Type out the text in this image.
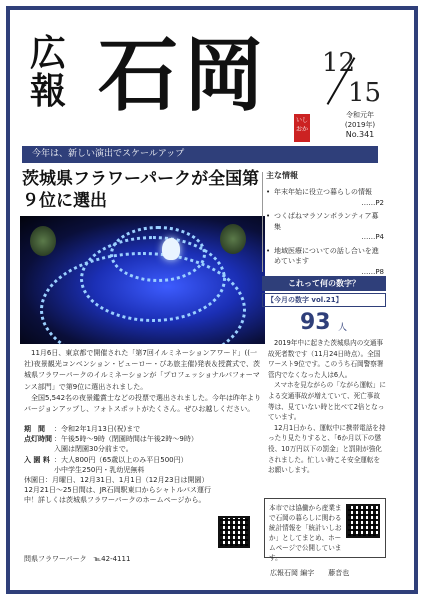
広報 石岡	いしおか
12
15
令和元年
(2019年)
No.341
今年は、新しい演出でスケールアップ
茨城県フラワーパークが全国第９位に選出

11月6日、東京都で開催された「第7回イルミネーションアワード」((一社)夜景観光コンベンション・ビューロー・びあ旅主催)発表＆授賞式で、茨城県フラワーパークのイルミネーションが「プロフェッショナルパフォーマンス部門」で第9位に選出されました。

全国5,542名の夜景鑑賞士などの投票で選出されました。今年は昨年よりバージョンアップし、フォトスポットがたくさん。ぜひお越しください。

期　間	：令和2年1月13日(祝)まで
点灯時間 ：午後5時〜9時（閉園時間は午後2時〜9時）
入園は閉園30分前まで。
入 園 料 ：大人800円（65歳以上のみ平日500円）
小中学生250円・乳幼児無料

休園日：月曜日、12月31日、1月1日（12月23日は開園）12月21日〜25日間は、JR石岡駅東口からシャトルバス運行中！詳しくは茨城県フラワーパークのホームページから。

問県フラワーパーク　℡42-4111
主な情報
• 年末年始に役立つ暮らしの情報
……P2
• つくばねマラソンボランティア募集
……P4
• 地域医療についての話し合いを進めています
……P8
これって何の数字？
【今月の数字 vol.21】
93 人

2019年中に起きた茨城県内の交通事故死者数です（11月24日時点）。全国ワースト9位です。このうち石岡警察署管内でなくなった人は6人。

スマホを見ながらの「ながら運転」による交通事故が増えていて、死亡事故等は、見ていない時と比べて2倍となっています。

12月1日から、運転中に携帯電話を持ったり見たりすると、「6か月以下の懲役、10万円以下の罰金」と罰則が強化されました。忙しい時こそ安全運転をお願いします。

本市では協働から産業まで石岡の暮らしに関わる統計情報を「統計いしおか」としてまとめ、ホームページで公開しています。
広報石岡 編字　　藤音也
